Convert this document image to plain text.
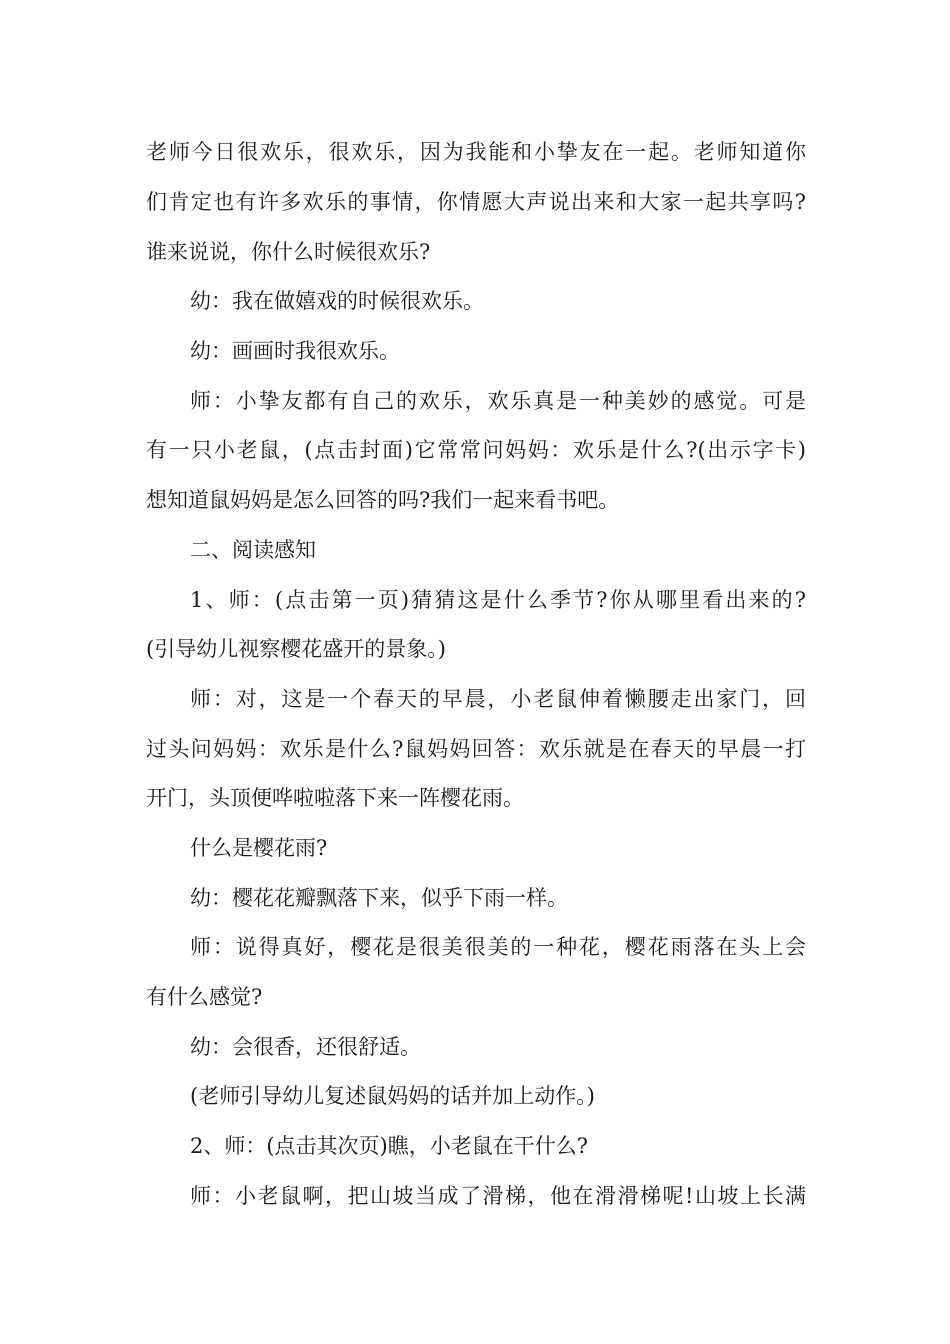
老师今日很欢乐，很欢乐，因为我能和小挚友在一起。老师知道你
们肯定也有许多欢乐的事情，你情愿大声说出来和大家一起共享吗?
谁来说说，你什么时候很欢乐?
幼：我在做嬉戏的时候很欢乐。
幼：画画时我很欢乐。
师：小挚友都有自己的欢乐，欢乐真是一种美妙的感觉。可是
有一只小老鼠，(点击封面)它常常问妈妈：欢乐是什么?(出示字卡)
想知道鼠妈妈是怎么回答的吗?我们一起来看书吧。
二、阅读感知
1、师：(点击第一页)猜猜这是什么季节?你从哪里看出来的?
(引导幼儿视察樱花盛开的景象。)
师：对，这是一个春天的早晨，小老鼠伸着懒腰走出家门，回
过头问妈妈：欢乐是什么?鼠妈妈回答：欢乐就是在春天的早晨一打
开门，头顶便哗啦啦落下来一阵樱花雨。
什么是樱花雨?
幼：樱花花瓣飘落下来，似乎下雨一样。
师：说得真好，樱花是很美很美的一种花，樱花雨落在头上会
有什么感觉?
幼：会很香，还很舒适。
(老师引导幼儿复述鼠妈妈的话并加上动作。)
2、师：(点击其次页)瞧，小老鼠在干什么?
师：小老鼠啊，把山坡当成了滑梯，他在滑滑梯呢!山坡上长满
